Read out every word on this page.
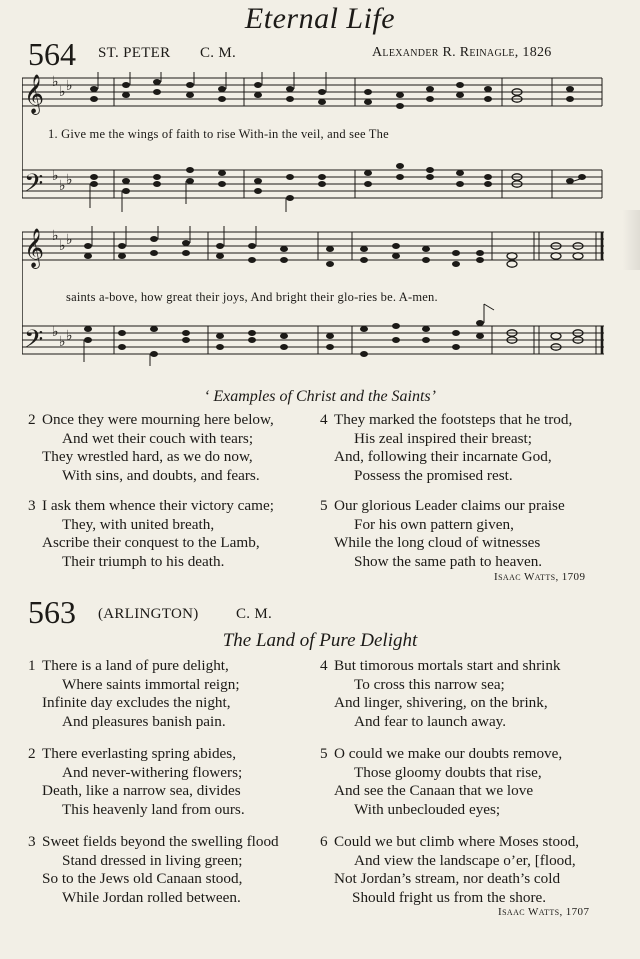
Eternal Life
564 ST. PETER C. M.	Alexander R. Reinagle, 1826
𝄞
𝄢
♭
♭ ♭
♭
♭ ♭
1. Give me the wings of faith to rise With-in the veil, and see The
𝄞
𝄢
♭
♭ ♭
♭
♭ ♭
saints a-bove, how great their joys, And bright their glo-ries be. A-men.
‘ Examples of Christ and the Saints’
2 Once they were mourning here below,
And wet their couch with tears;
They wrestled hard, as we do now,
With sins, and doubts, and fears.
3 I ask them whence their victory came;
They, with united breath,
Ascribe their conquest to the Lamb,
Their triumph to his death.
4 They marked the footsteps that he trod,
His zeal inspired their breast;
And, following their incarnate God,
Possess the promised rest.
5 Our glorious Leader claims our praise
For his own pattern given,
While the long cloud of witnesses
Show the same path to heaven.
Isaac Watts, 1709
563 (ARLINGTON) C. M.
The Land of Pure Delight
1 There is a land of pure delight,
Where saints immortal reign;
Infinite day excludes the night,
And pleasures banish pain.
2 There everlasting spring abides,
And never-withering flowers;
Death, like a narrow sea, divides
This heavenly land from ours.
3 Sweet fields beyond the swelling flood
Stand dressed in living green;
So to the Jews old Canaan stood,
While Jordan rolled between.
4 But timorous mortals start and shrink
To cross this narrow sea;
And linger, shivering, on the brink,
And fear to launch away.
5 O could we make our doubts remove,
Those gloomy doubts that rise,
And see the Canaan that we love
With unbeclouded eyes;
6 Could we but climb where Moses stood,
And view the landscape o’er, [flood,
Not Jordan’s stream, nor death’s cold
Should fright us from the shore.
Isaac Watts, 1707
